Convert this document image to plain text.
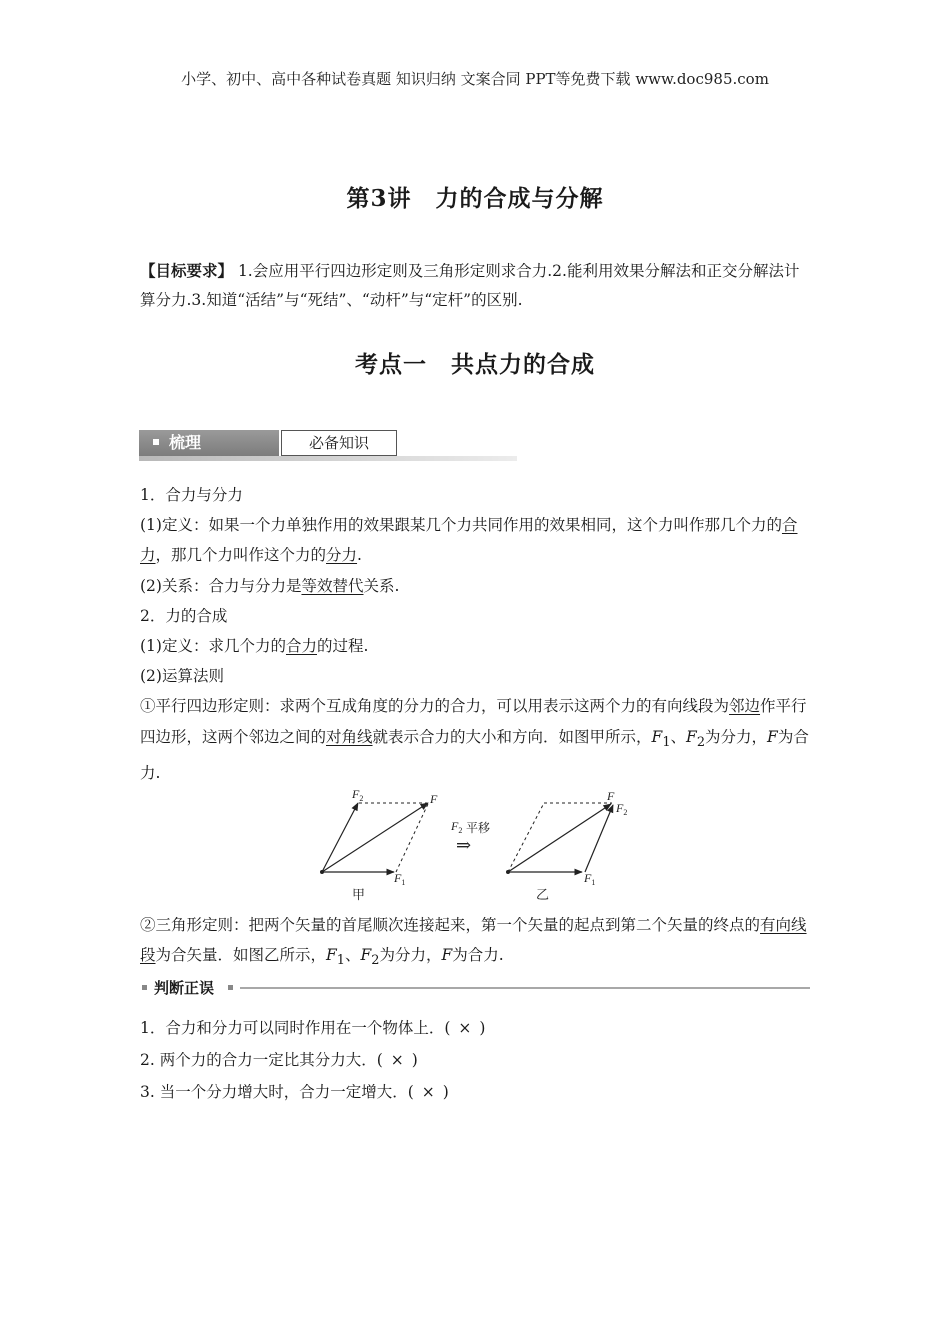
小学、初中、高中各种试卷真题 知识归纳 文案合同 PPT等免费下载 www.doc985.com
第3讲　力的合成与分解
【目标要求】 1.会应用平行四边形定则及三角形定则求合力.2.能利用效果分解法和正交分解法计算分力.3.知道“活结”与“死结”、“动杆”与“定杆”的区别.
考点一　共点力的合成
梳理	必备知识

1．合力与分力

(1)定义：如果一个力单独作用的效果跟某几个力共同作用的效果相同，这个力叫作那几个力的合力，那几个力叫作这个力的分力.

(2)关系：合力与分力是等效替代关系.

2．力的合成

(1)定义：求几个力的合力的过程.

(2)运算法则

①平行四边形定则：求两个互成角度的分力的合力，可以用表示这两个力的有向线段为邻边作平行四边形，这两个邻边之间的对角线就表示合力的大小和方向．如图甲所示，$F_1$、$F_2$为分力，F为合力.

$F_2$	F
$F_1$
甲
$F_2$ 平移
⇒
F
$F_2$
$F_1$
乙

②三角形定则：把两个矢量的首尾顺次连接起来，第一个矢量的起点到第二个矢量的终点的有向线段为合矢量．如图乙所示，$F_1$、$F_2$为分力，F为合力.

判断正误

1．合力和分力可以同时作用在一个物体上．( × )

2. 两个力的合力一定比其分力大．( × )

3. 当一个分力增大时，合力一定增大．( × )
